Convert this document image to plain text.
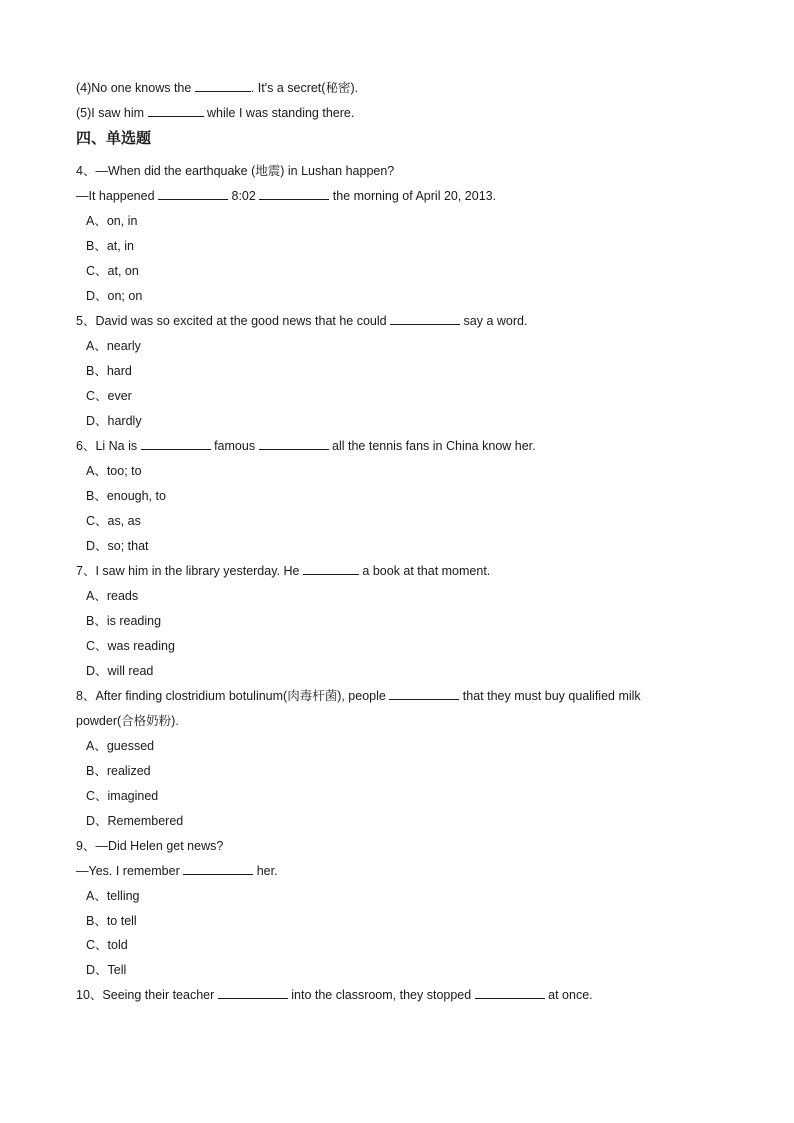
(4)No one knows the	. It's a secret(秘密).
(5)I saw him	while I was standing there.
四、单选题
4、—When did the earthquake (地震) in Lushan happen?
—It happened	8:02	the morning of April 20, 2013.
A、on, in
B、at, in
C、at, on
D、on; on
5、David was so excited at the good news that he could	say a word.
A、nearly
B、hard
C、ever
D、hardly
6、Li Na is	famous	all the tennis fans in China know her.
A、too; to
B、enough, to
C、as, as
D、so; that
7、I saw him in the library yesterday. He	a book at that moment.
A、reads
B、is reading
C、was reading
D、will read
8、After finding clostridium botulinum(肉毒杆菌), people	that they must buy qualified milk
powder(合格奶粉).
A、guessed
B、realized
C、imagined
D、Remembered
9、—Did Helen get news?
—Yes. I remember	her.
A、telling
B、to tell
C、told
D、Tell
10、Seeing their teacher	into the classroom, they stopped	at once.
